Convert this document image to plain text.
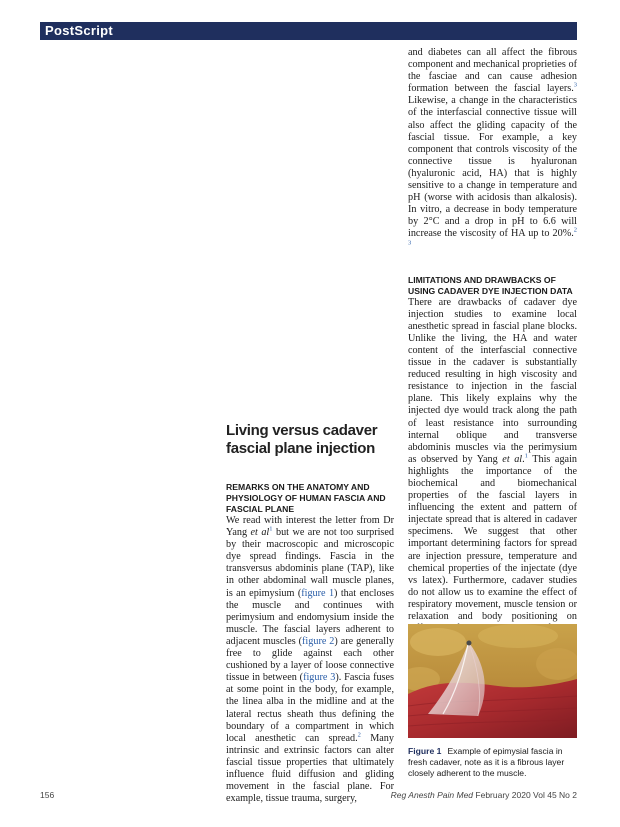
PostScript
Living versus cadaver fascial plane injection
REMARKS ON THE ANATOMY AND PHYSIOLOGY OF HUMAN FASCIA AND FASCIAL PLANE

We read with interest the letter from Dr Yang et al$^1$ but we are not too surprised by their macroscopic and microscopic dye spread findings. Fascia in the transversus abdominis plane (TAP), like in other abdominal wall muscle planes, is an epimysium (figure 1) that encloses the muscle and continues with perimysium and endomysium inside the muscle. The fascial layers adherent to adjacent muscles (figure 2) are generally free to glide against each other cushioned by a layer of loose connective tissue in between (figure 3). Fascia fuses at some point in the body, for example, the linea alba in the midline and at the lateral rectus sheath thus defining the boundary of a compartment in which local anesthetic can spread.$^2$ Many intrinsic and extrinsic factors can alter fascial tissue properties that ultimately influence fluid diffusion and gliding movement in the fascial plane. For example, tissue trauma, surgery,

and diabetes can all affect the fibrous component and mechanical proprieties of the fasciae and can cause adhesion formation between the fascial layers.$^3$ Likewise, a change in the characteristics of the interfascial connective tissue will also affect the gliding capacity of the fascial tissue. For example, a key component that controls viscosity of the connective tissue is hyaluronan (hyaluronic acid, HA) that is highly sensitive to a change in temperature and pH (worse with acidosis than alkalosis). In vitro, a decrease in body temperature by 2°C and a drop in pH to 6.6 will increase the viscosity of HA up to 20%.$^{2 3}$

LIMITATIONS AND DRAWBACKS OF USING CADAVER DYE INJECTION DATA

There are drawbacks of cadaver dye injection studies to examine local anesthetic spread in fascial plane blocks. Unlike the living, the HA and water content of the interfascial connective tissue in the cadaver is substantially reduced resulting in high viscosity and resistance to injection in the fascial plane. This likely explains why the injected dye would track along the path of least resistance into surrounding internal oblique and transverse abdominis muscles via the perimysium as observed by Yang et al.$^1$ This again highlights the importance of the biochemical and biomechanical properties of the fascial layers in influencing the extent and pattern of injectate spread that is altered in cadaver specimens. We suggest that other important determining factors for spread are injection pressure, temperature and chemical properties of the injectate (dye vs latex). Furthermore, cadaver studies do not allow us to examine the effect of respiratory movement, muscle tension or relaxation and body positioning on

Figure 1 Example of epimysial fascia in fresh cadaver, note as it is a fibrous layer closely adherent to the muscle.

156	Reg Anesth Pain Med February 2020 Vol 45 No 2
